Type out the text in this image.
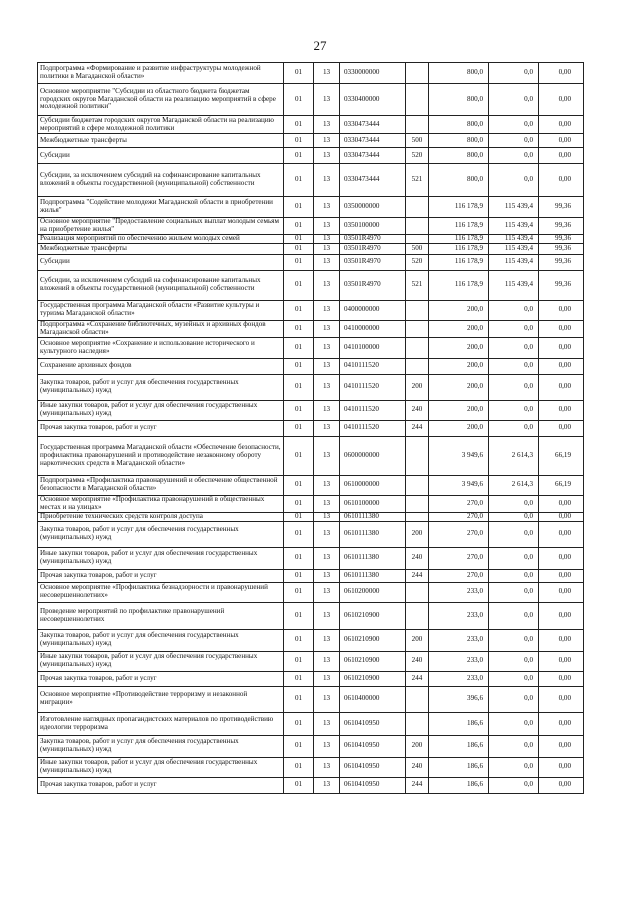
27
Подпрограмма «Формирование и развитие инфраструктуры молодежной политики в Магаданской области»	01	13	0330000000		800,0	0,0	0,00
Основное мероприятие "Субсидии из областного бюджета бюджетам городских округов Магаданской области на реализацию мероприятий в сфере молодежной политики"	01	13	0330400000		800,0	0,0	0,00
Субсидии бюджетам городских округов Магаданской области на реализацию мероприятий в сфере молодежной политики	01	13	0330473444		800,0	0,0	0,00
Межбюджетные трансферты	01	13	0330473444	500	800,0	0,0	0,00
Субсидии	01	13	0330473444	520	800,0	0,0	0,00
Субсидии, за исключением субсидий на софинансирование капитальных вложений в объекты государственной (муниципальной) собственности	01	13	0330473444	521	800,0	0,0	0,00
Подпрограмма "Содействие молодежи Магаданской области в приобретении жилья"	01	13	0350000000		116 178,9	115 439,4	99,36
Основное мероприятие "Предоставление социальных выплат молодым семьям на приобретение жилья"	01	13	0350100000		116 178,9	115 439,4	99,36
Реализация мероприятий по обеспечению жильем молодых семей	01	13	03501R4970		116 178,9	115 439,4	99,36
Межбюджетные трансферты	01	13	03501R4970	500	116 178,9	115 439,4	99,36
Субсидии	01	13	03501R4970	520	116 178,9	115 439,4	99,36
Субсидии, за исключением субсидий на софинансирование капитальных вложений в объекты государственной (муниципальной) собственности	01	13	03501R4970	521	116 178,9	115 439,4	99,36
Государственная программа Магаданской области «Развитие культуры и туризма Магаданской области»	01	13	0400000000		200,0	0,0	0,00
Подпрограмма «Сохранение библиотечных, музейных и архивных фондов Магаданской области»	01	13	0410000000		200,0	0,0	0,00
Основное мероприятие «Сохранение и использование исторического и культурного наследия»	01	13	0410100000		200,0	0,0	0,00
Сохранение архивных фондов	01	13	0410111520		200,0	0,0	0,00
Закупка товаров, работ и услуг для обеспечения государственных (муниципальных) нужд	01	13	0410111520	200	200,0	0,0	0,00
Иные закупки товаров, работ и услуг для обеспечения государственных (муниципальных) нужд	01	13	0410111520	240	200,0	0,0	0,00
Прочая закупка товаров, работ и услуг	01	13	0410111520	244	200,0	0,0	0,00
Государственная программа Магаданской области «Обеспечение безопасности, профилактика правонарушений и противодействие незаконному обороту наркотических средств в Магаданской области»	01	13	0600000000		3 949,6	2 614,3	66,19
Подпрограмма «Профилактика правонарушений и обеспечение общественной безопасности в Магаданской области»	01	13	0610000000		3 949,6	2 614,3	66,19
Основное мероприятие «Профилактика правонарушений в общественных местах и на улицах»	01	13	0610100000		270,0	0,0	0,00
Приобретение технических средств контроля доступа	01	13	0610111380		270,0	0,0	0,00
Закупка товаров, работ и услуг для обеспечения государственных (муниципальных) нужд	01	13	0610111380	200	270,0	0,0	0,00
Иные закупки товаров, работ и услуг для обеспечения государственных (муниципальных) нужд	01	13	0610111380	240	270,0	0,0	0,00
Прочая закупка товаров, работ и услуг	01	13	0610111380	244	270,0	0,0	0,00
Основное мероприятие «Профилактика безнадзорности и правонарушений несовершеннолетних»	01	13	0610200000		233,0	0,0	0,00
Проведение мероприятий по профилактике правонарушений несовершеннолетних	01	13	0610210900		233,0	0,0	0,00
Закупка товаров, работ и услуг для обеспечения государственных (муниципальных) нужд	01	13	0610210900	200	233,0	0,0	0,00
Иные закупки товаров, работ и услуг для обеспечения государственных (муниципальных) нужд	01	13	0610210900	240	233,0	0,0	0,00
Прочая закупка товаров, работ и услуг	01	13	0610210900	244	233,0	0,0	0,00
Основное мероприятие «Противодействие терроризму и незаконной миграции»	01	13	0610400000		396,6	0,0	0,00
Изготовление наглядных пропагандистских материалов по противодействию идеологии терроризма	01	13	0610410950		186,6	0,0	0,00
Закупка товаров, работ и услуг для обеспечения государственных (муниципальных) нужд	01	13	0610410950	200	186,6	0,0	0,00
Иные закупки товаров, работ и услуг для обеспечения государственных (муниципальных) нужд	01	13	0610410950	240	186,6	0,0	0,00
Прочая закупка товаров, работ и услуг	01	13	0610410950	244	186,6	0,0	0,00
